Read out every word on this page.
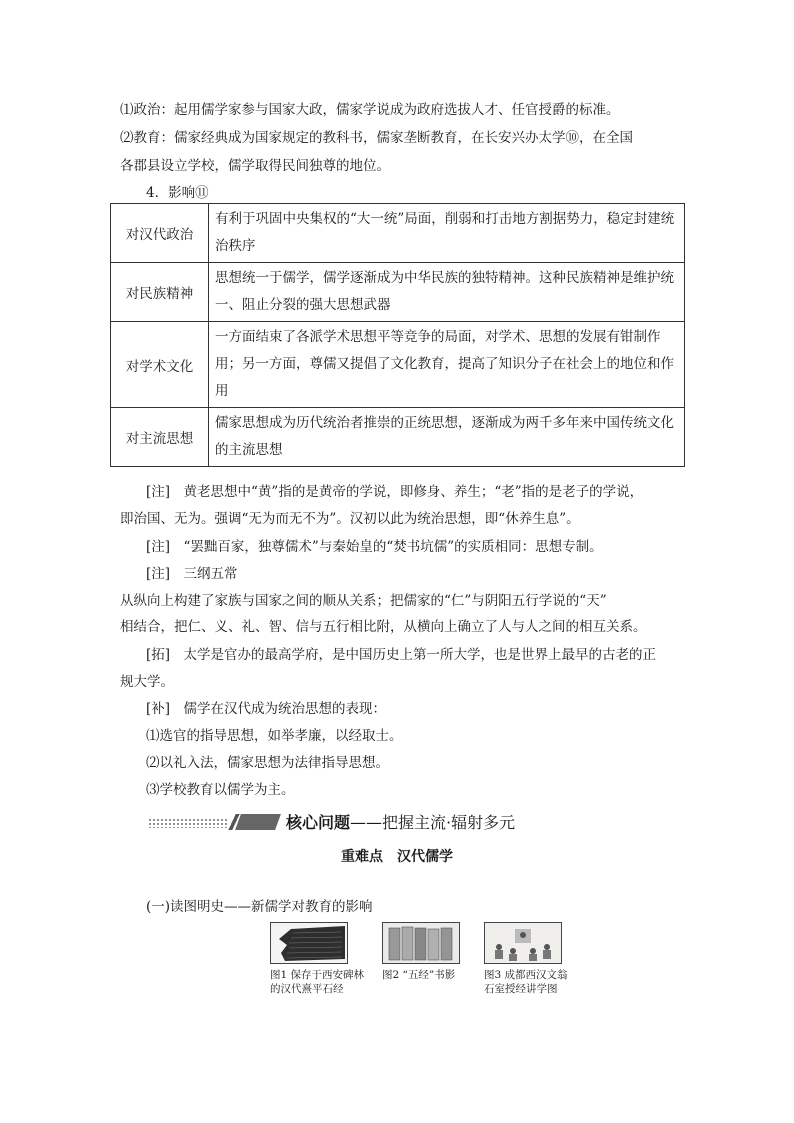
⑴政治：起用儒学家参与国家大政，儒家学说成为政府选拔人才、任官授爵的标准。
⑵教育：儒家经典成为国家规定的教科书，儒家垄断教育，在长安兴办太学⑩，在全国
各郡县设立学校，儒学取得民间独尊的地位。
4．影响⑪
对汉代政治	有利于巩固中央集权的“大一统”局面，削弱和打击地方割据势力，稳定封建统治秩序
对民族精神	思想统一于儒学，儒学逐渐成为中华民族的独特精神。这种民族精神是维护统一、阻止分裂的强大思想武器
对学术文化	一方面结束了各派学术思想平等竞争的局面，对学术、思想的发展有钳制作用；另一方面，尊儒又提倡了文化教育，提高了知识分子在社会上的地位和作用
对主流思想	儒家思想成为历代统治者推崇的正统思想，逐渐成为两千多年来中国传统文化的主流思想
[注]　黄老思想中“黄”指的是黄帝的学说，即修身、养生；“老”指的是老子的学说，
即治国、无为。强调“无为而无不为”。汉初以此为统治思想，即“休养生息”。
[注]　“罢黜百家，独尊儒术”与秦始皇的“焚书坑儒”的实质相同：思想专制。
[注]　三纲五常
从纵向上构建了家族与国家之间的顺从关系；把儒家的“仁”与阴阳五行学说的“天”
相结合，把仁、义、礼、智、信与五行相比附，从横向上确立了人与人之间的相互关系。
[拓]　太学是官办的最高学府，是中国历史上第一所大学，也是世界上最早的古老的正
规大学。
[补]　儒学在汉代成为统治思想的表现：
⑴选官的指导思想，如举孝廉，以经取士。
⑵以礼入法，儒家思想为法律指导思想。
⑶学校教育以儒学为主。
核心问题——把握主流·辐射多元
重难点　汉代儒学
(一)读图明史——新儒学对教育的影响
图1 保存于西安碑林
的汉代熹平石经
图2 “五经”书影	图3 成都西汉文翁
石室授经讲学图
